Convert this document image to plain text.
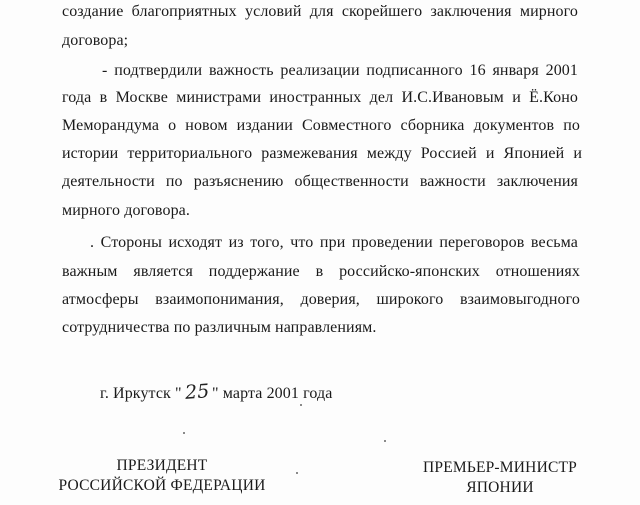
создание благоприятных условий для скорейшего заключения мирного
договора;
- подтвердили важность реализации подписанного 16 января 2001
года в Москве министрами иностранных дел И.С.Ивановым и Ё.Коно
Меморандума о новом издании Совместного сборника документов по
истории территориального размежевания между Россией и Японией и
деятельности по разъяснению общественности важности заключения
мирного договора.
. Стороны исходят из того, что при проведении переговоров весьма
важным является поддержание в российско-японских отношениях
атмосферы взаимопонимания, доверия, широкого взаимовыгодного
сотрудничества по различным направлениям.
г. Иркутск " 25 " марта 2001 года
ПРЕЗИДЕНТ
РОССИЙСКОЙ ФЕДЕРАЦИИ
ПРЕМЬЕР-МИНИСТР
ЯПОНИИ
